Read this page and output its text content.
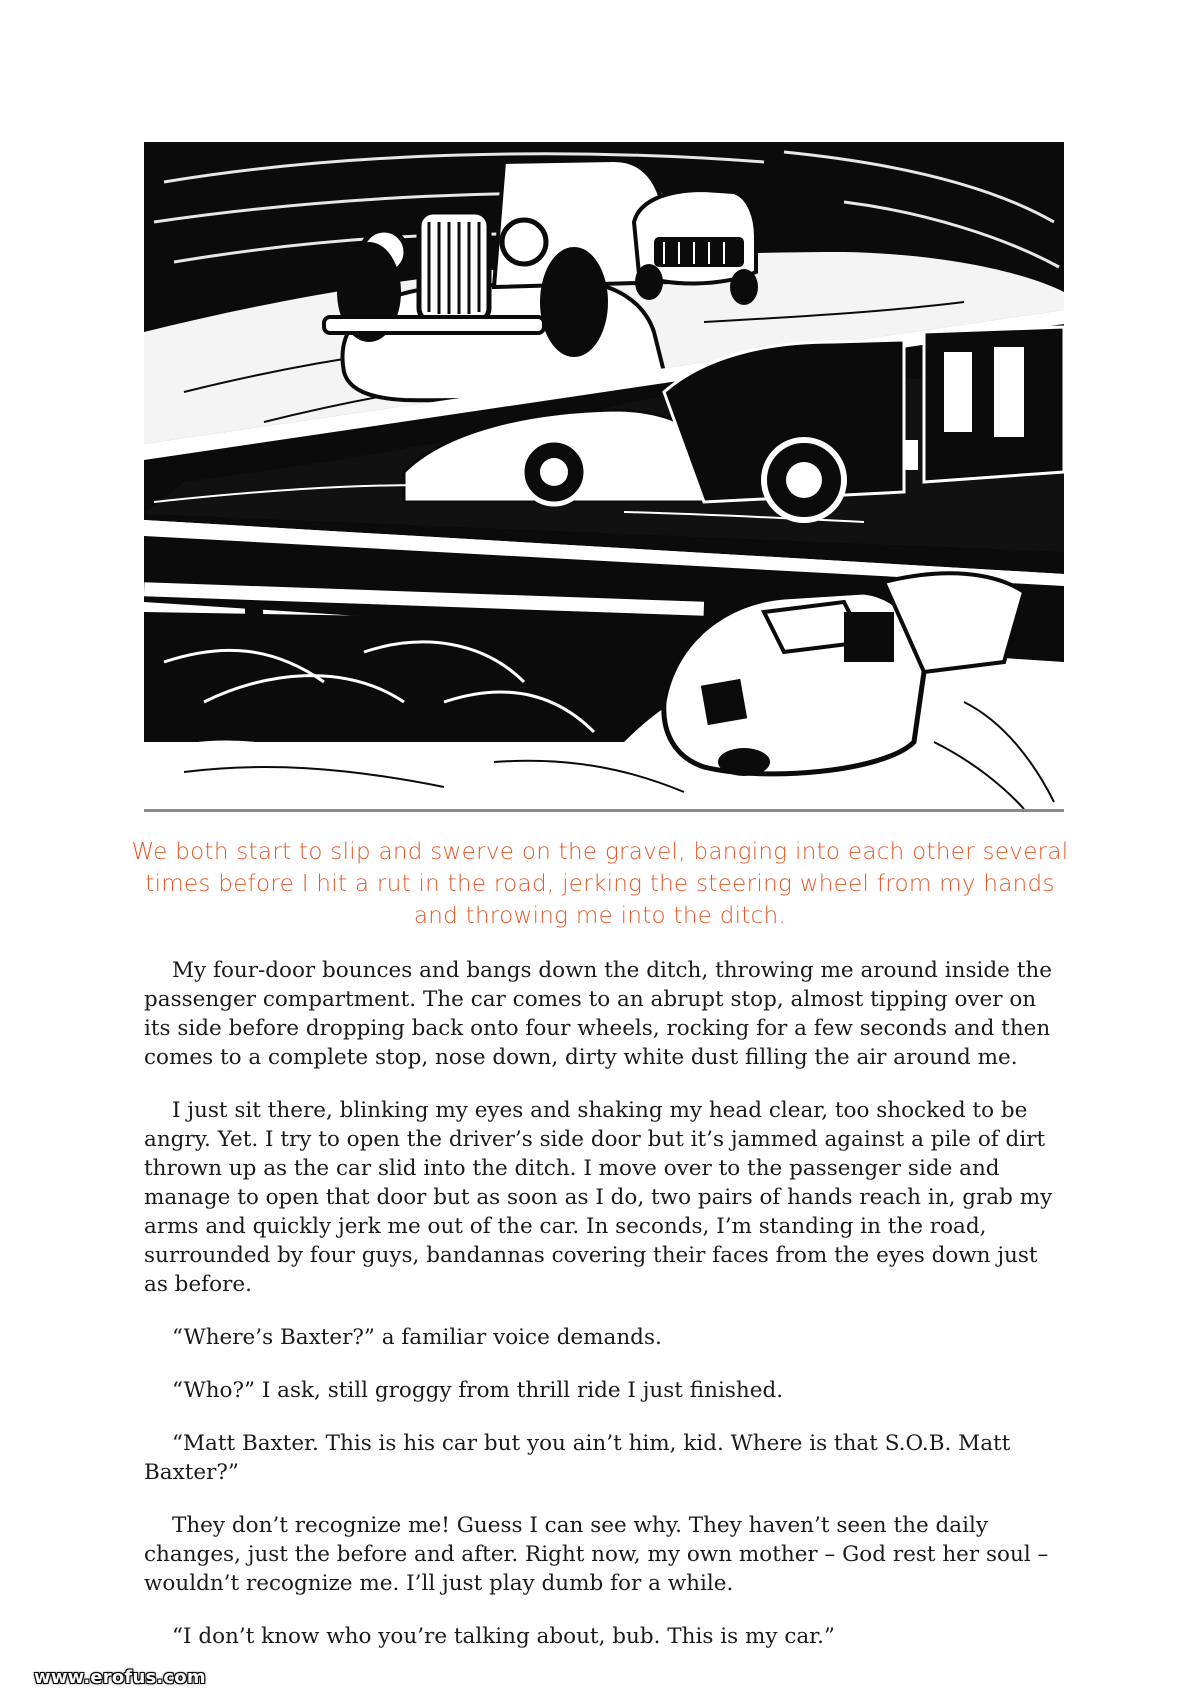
We both start to slip and swerve on the gravel, banging into each other several times before I hit a rut in the road, jerking the steering wheel from my hands and throwing me into the ditch.

My four-door bounces and bangs down the ditch, throwing me around inside the passenger compartment. The car comes to an abrupt stop, almost tipping over on its side before dropping back onto four wheels, rocking for a few seconds and then comes to a complete stop, nose down, dirty white dust filling the air around me.

I just sit there, blinking my eyes and shaking my head clear, too shocked to be angry. Yet. I try to open the driver’s side door but it’s jammed against a pile of dirt thrown up as the car slid into the ditch. I move over to the passenger side and manage to open that door but as soon as I do, two pairs of hands reach in, grab my arms and quickly jerk me out of the car. In seconds, I’m standing in the road, surrounded by four guys, bandannas covering their faces from the eyes down just as before.

“Where’s Baxter?” a familiar voice demands.

“Who?” I ask, still groggy from thrill ride I just finished.

“Matt Baxter. This is his car but you ain’t him, kid. Where is that S.O.B. Matt Baxter?”

They don’t recognize me! Guess I can see why. They haven’t seen the daily changes, just the before and after. Right now, my own mother – God rest her soul – wouldn’t recognize me. I’ll just play dumb for a while.

“I don’t know who you’re talking about, bub. This is my car.”

www.erofus.com
